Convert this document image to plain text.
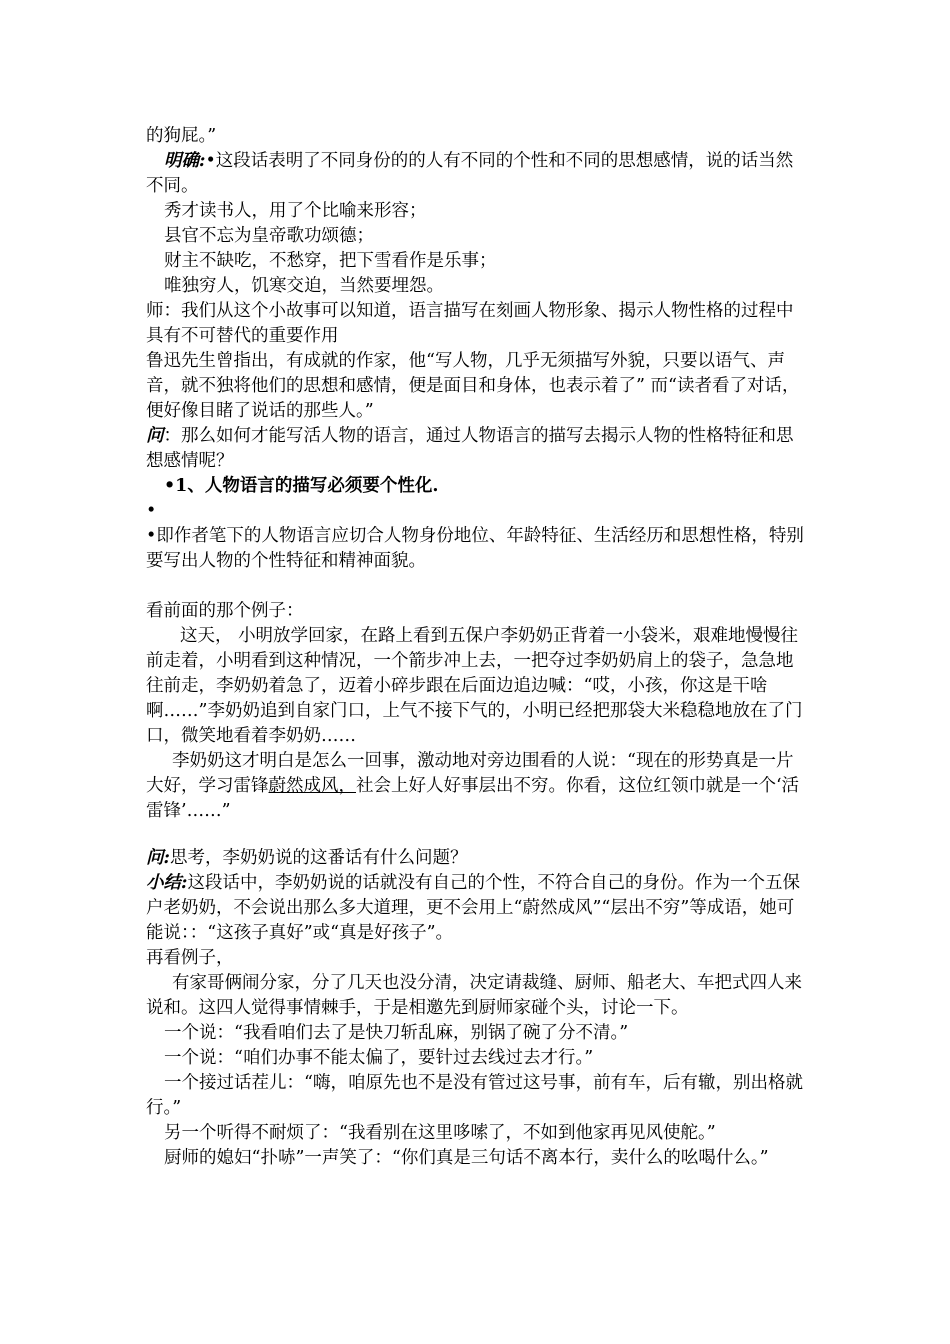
的狗屁。”

明确:•这段话表明了不同身份的的人有不同的个性和不同的思想感情，说的话当然不同。

秀才读书人，用了个比喻来形容；

县官不忘为皇帝歌功颂德；

财主不缺吃，不愁穿，把下雪看作是乐事；

唯独穷人，饥寒交迫，当然要埋怨。

师：我们从这个小故事可以知道，语言描写在刻画人物形象、揭示人物性格的过程中具有不可替代的重要作用

鲁迅先生曾指出，有成就的作家，他“写人物，几乎无须描写外貌，只要以语气、声音，就不独将他们的思想和感情，便是面目和身体，也表示着了” 而“读者看了对话，便好像目睹了说话的那些人。”

问：那么如何才能写活人物的语言，通过人物语言的描写去揭示人物的性格特征和思想感情呢？

•1、人物语言的描写必须要个性化.

•

•即作者笔下的人物语言应切合人物身份地位、年龄特征、生活经历和思想性格，特别要写出人物的个性特征和精神面貌。

看前面的那个例子：

这天， 小明放学回家，在路上看到五保户李奶奶正背着一小袋米，艰难地慢慢往前走着，小明看到这种情况，一个箭步冲上去，一把夺过李奶奶肩上的袋子，急急地往前走，李奶奶着急了，迈着小碎步跟在后面边追边喊：“哎，小孩，你这是干啥啊……”李奶奶追到自家门口，上气不接下气的，小明已经把那袋大米稳稳地放在了门口，微笑地看着李奶奶……

李奶奶这才明白是怎么一回事，激动地对旁边围看的人说：“现在的形势真是一片大好，学习雷锋蔚然成风，社会上好人好事层出不穷。你看，这位红领巾就是一个‘活雷锋’……”

问:思考，李奶奶说的这番话有什么问题？

小结:这段话中，李奶奶说的话就没有自己的个性，不符合自己的身份。作为一个五保户老奶奶，不会说出那么多大道理，更不会用上“蔚然成风”“层出不穷”等成语，她可能说：：“这孩子真好”或“真是好孩子”。

再看例子，

有家哥俩闹分家，分了几天也没分清，决定请裁缝、厨师、船老大、车把式四人来说和。这四人觉得事情棘手，于是相邀先到厨师家碰个头，讨论一下。

一个说：“我看咱们去了是快刀斩乱麻，别锅了碗了分不清。”

一个说：“咱们办事不能太偏了，要针过去线过去才行。”

一个接过话茬儿：“嗨，咱原先也不是没有管过这号事，前有车，后有辙，别出格就行。”

另一个听得不耐烦了：“我看别在这里哆嗦了，不如到他家再见风使舵。”

厨师的媳妇“扑哧”一声笑了：“你们真是三句话不离本行，卖什么的吆喝什么。”
